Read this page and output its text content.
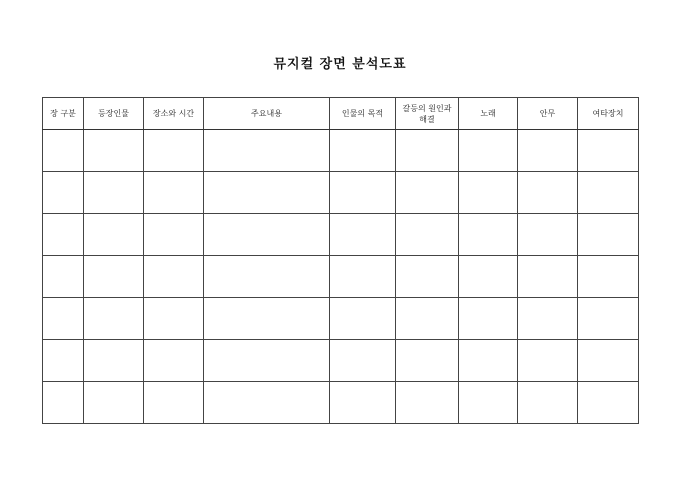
뮤지컬 장면 분석도표
장 구분	등장인물	장소와 시간	주요내용	인물의 목적	갈등의 원인과 해결	노래	안무	여타장치
